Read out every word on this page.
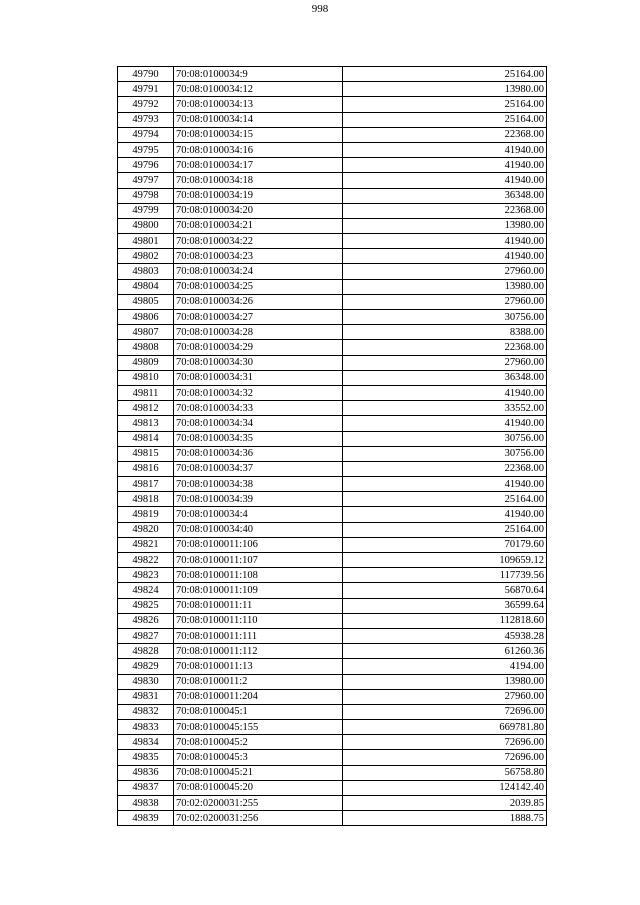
998
49790	70:08:0100034:9	25164.00
49791	70:08:0100034:12	13980.00
49792	70:08:0100034:13	25164.00
49793	70:08:0100034:14	25164.00
49794	70:08:0100034:15	22368.00
49795	70:08:0100034:16	41940.00
49796	70:08:0100034:17	41940.00
49797	70:08:0100034:18	41940.00
49798	70:08:0100034:19	36348.00
49799	70:08:0100034:20	22368.00
49800	70:08:0100034:21	13980.00
49801	70:08:0100034:22	41940.00
49802	70:08:0100034:23	41940.00
49803	70:08:0100034:24	27960.00
49804	70:08:0100034:25	13980.00
49805	70:08:0100034:26	27960.00
49806	70:08:0100034:27	30756.00
49807	70:08:0100034:28	8388.00
49808	70:08:0100034:29	22368.00
49809	70:08:0100034:30	27960.00
49810	70:08:0100034:31	36348.00
49811	70:08:0100034:32	41940.00
49812	70:08:0100034:33	33552.00
49813	70:08:0100034:34	41940.00
49814	70:08:0100034:35	30756.00
49815	70:08:0100034:36	30756.00
49816	70:08:0100034:37	22368.00
49817	70:08:0100034:38	41940.00
49818	70:08:0100034:39	25164.00
49819	70:08:0100034:4	41940.00
49820	70:08:0100034:40	25164.00
49821	70:08:0100011:106	70179.60
49822	70:08:0100011:107	109659.12
49823	70:08:0100011:108	117739.56
49824	70:08:0100011:109	56870.64
49825	70:08:0100011:11	36599.64
49826	70:08:0100011:110	112818.60
49827	70:08:0100011:111	45938.28
49828	70:08:0100011:112	61260.36
49829	70:08:0100011:13	4194.00
49830	70:08:0100011:2	13980.00
49831	70:08:0100011:204	27960.00
49832	70:08:0100045:1	72696.00
49833	70:08:0100045:155	669781.80
49834	70:08:0100045:2	72696.00
49835	70:08:0100045:3	72696.00
49836	70:08:0100045:21	56758.80
49837	70:08:0100045:20	124142.40
49838	70:02:0200031:255	2039.85
49839	70:02:0200031:256	1888.75
